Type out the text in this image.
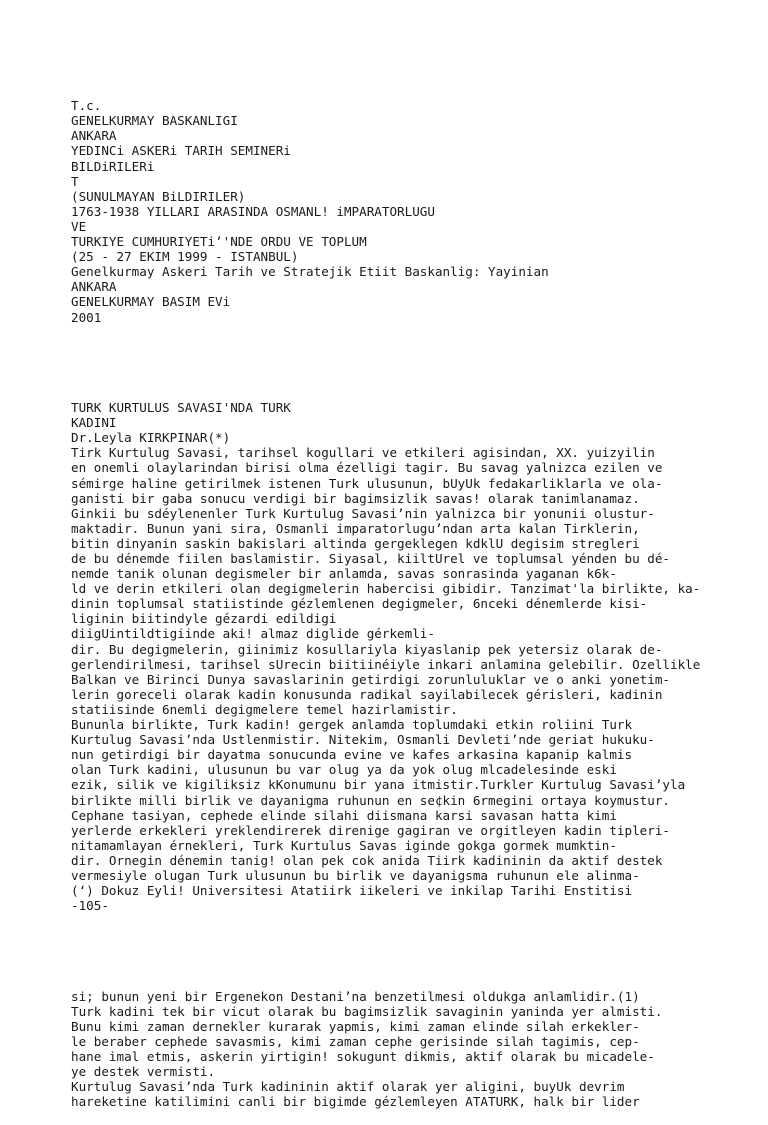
T.c.
GENELKURMAY BASKANLIGI
ANKARA
YEDINCi ASKERi TARIH SEMINERi
BILDiRILERi
T
(SUNULMAYAN BiLDIRILER)
1763-1938 YILLARI ARASINDA OSMANL! iMPARATORLUGU
VE
TURKIYE CUMHURIYETi’'NDE ORDU VE TOPLUM
(25 - 27 EKIM 1999 - ISTANBUL)
Genelkurmay Askeri Tarih ve Stratejik Etiit Baskanlig: Yayinian
ANKARA
GENELKURMAY BASIM EVi
2001

TURK KURTULUS SAVASI'NDA TURK
KADINI
Dr.Leyla KIRKPINAR(*)
Tirk Kurtulug Savasi, tarihsel kogullari ve etkileri agisindan, XX. yuizyilin
en onemli olaylarindan birisi olma ézelligi tagir. Bu savag yalnizca ezilen ve
sémirge haline getirilmek istenen Turk ulusunun, bUyUk fedakarliklarla ve ola-
ganisti bir gaba sonucu verdigi bir bagimsizlik savas! olarak tanimlanamaz.
Ginkii bu sdéylenenler Turk Kurtulug Savasi’nin yalnizca bir yonunii olustur-
maktadir. Bunun yani sira, Osmanli imparatorlugu’ndan arta kalan Tirklerin,
bitin dinyanin saskin bakislari altinda gergeklegen kdklU degisim stregleri
de bu dénemde fiilen baslamistir. Siyasal, kiiltUrel ve toplumsal yénden bu dé-
nemde tanik olunan degismeler bir anlamda, savas sonrasinda yaganan k6k-
ld ve derin etkileri olan degigmelerin habercisi gibidir. Tanzimat'la birlikte, ka-
dinin toplumsal statiistinde gézlemlenen degigmeler, 6nceki dénemlerde kisi-
liginin biitindyle gézardi edildigi
diigUintildtigiinde aki! almaz diglide gérkemli-
dir. Bu degigmelerin, giinimiz kosullariyla kiyaslanip pek yetersiz olarak de-
gerlendirilmesi, tarihsel sUrecin biitiinéiyle inkari anlamina gelebilir. Ozellikle
Balkan ve Birinci Dunya savaslarinin getirdigi zorunluluklar ve o anki yonetim-
lerin goreceli olarak kadin konusunda radikal sayilabilecek gérisleri, kadinin
statiisinde 6nemli degigmelere temel hazirlamistir.
Bununla birlikte, Turk kadin! gergek anlamda toplumdaki etkin roliini Turk
Kurtulug Savasi’nda Ustlenmistir. Nitekim, Osmanli Devleti’nde geriat hukuku-
nun getirdigi bir dayatma sonucunda evine ve kafes arkasina kapanip kalmis
olan Turk kadini, ulusunun bu var olug ya da yok olug mlcadelesinde eski
ezik, silik ve kigiliksiz kKonumunu bir yana itmistir.Turkler Kurtulug Savasi’yla
birlikte milli birlik ve dayanigma ruhunun en se¢kin 6rmegini ortaya koymustur.
Cephane tasiyan, cephede elinde silahi diismana karsi savasan hatta kimi
yerlerde erkekleri yreklendirerek direnige gagiran ve orgitleyen kadin tipleri-
nitamamlayan érnekleri, Turk Kurtulus Savas iginde gokga gormek mumktin-
dir. Ornegin dénemin tanig! olan pek cok anida Tiirk kadininin da aktif destek
vermesiyle olugan Turk ulusunun bu birlik ve dayanigsma ruhunun ele alinma-
(‘) Dokuz Eyli! Universitesi Atatiirk iikeleri ve inkilap Tarihi Enstitisi
-105-

si; bunun yeni bir Ergenekon Destani’na benzetilmesi oldukga anlamlidir.(1)
Turk kadini tek bir vicut olarak bu bagimsizlik savaginin yaninda yer almisti.
Bunu kimi zaman dernekler kurarak yapmis, kimi zaman elinde silah erkekler-
le beraber cephede savasmis, kimi zaman cephe gerisinde silah tagimis, cep-
hane imal etmis, askerin yirtigin! sokugunt dikmis, aktif olarak bu micadele-
ye destek vermisti.
Kurtulug Savasi’nda Turk kadininin aktif olarak yer aligini, buyUk devrim
hareketine katilimini canli bir bigimde gézlemleyen ATATURK, halk bir lider
